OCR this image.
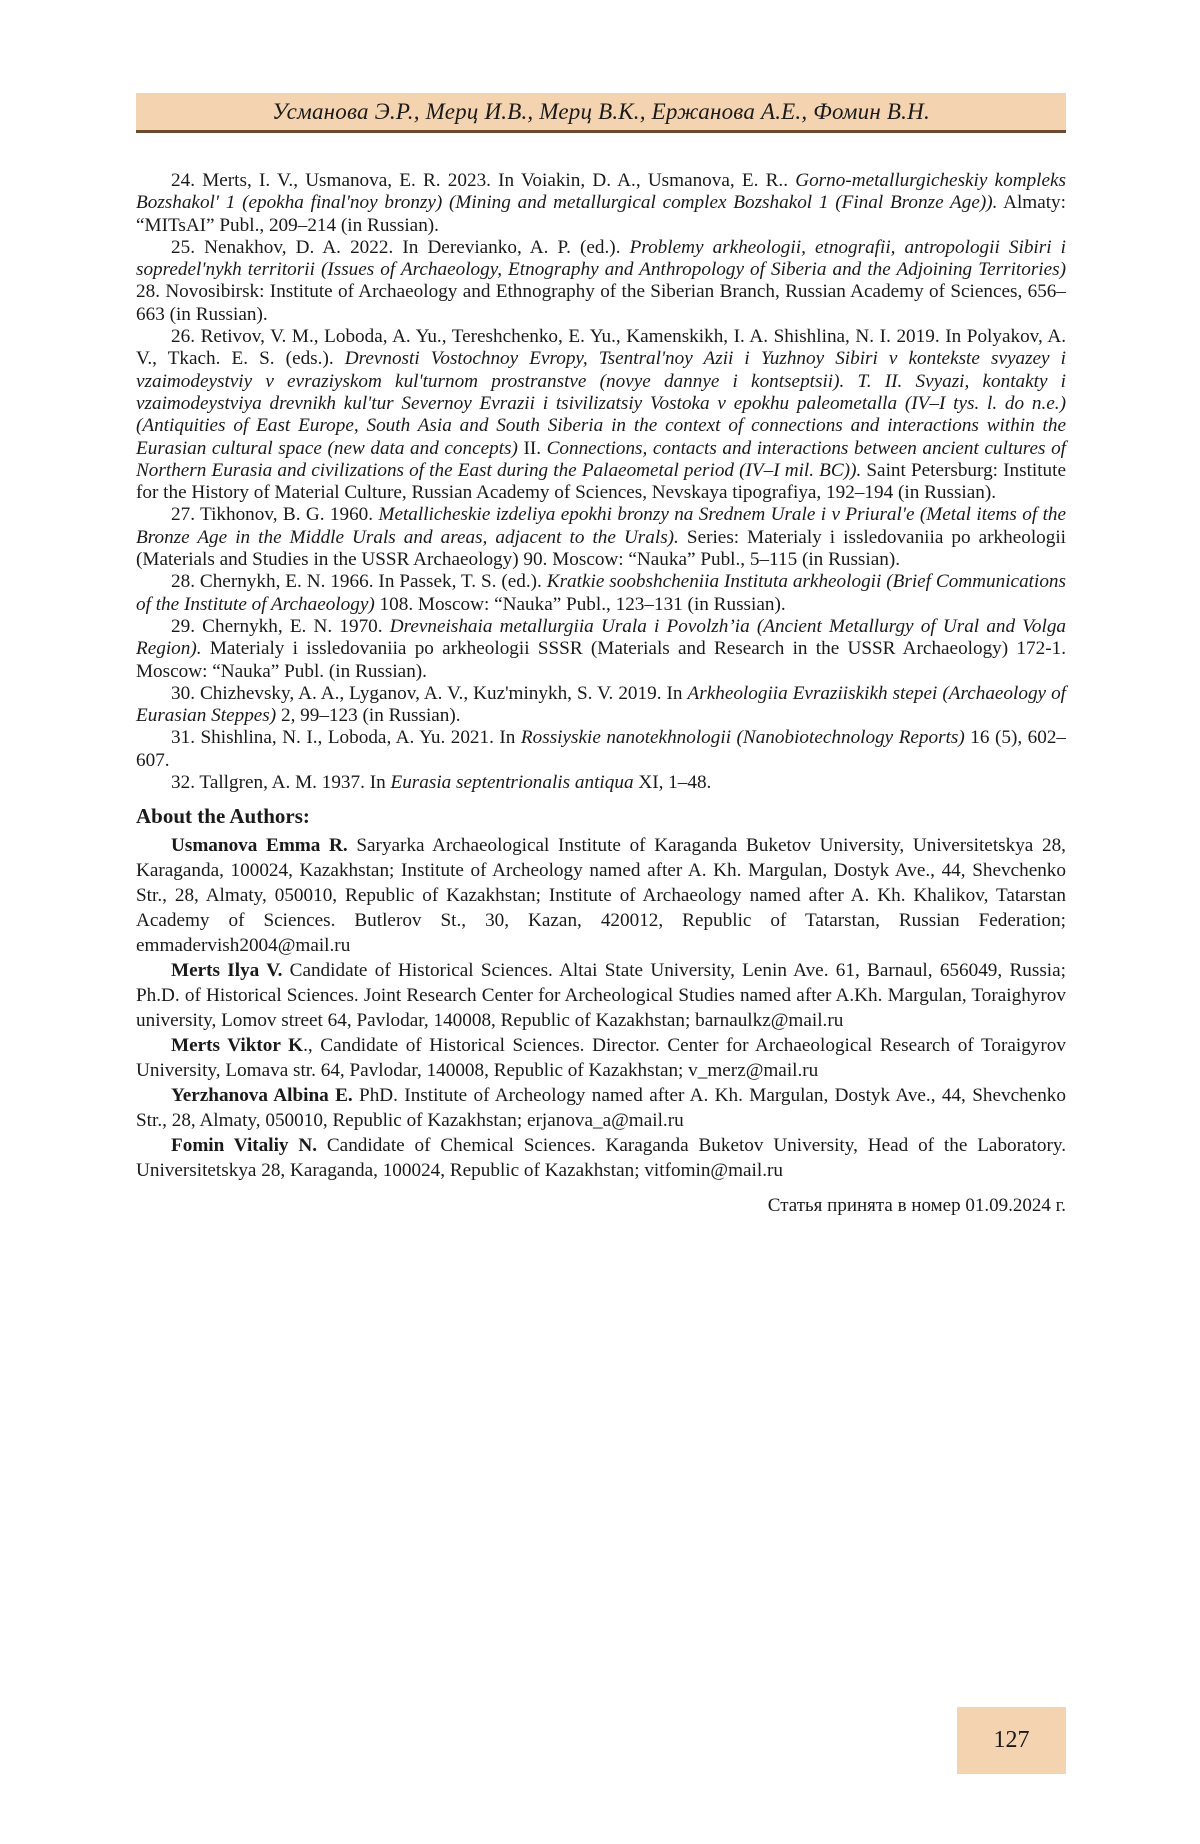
Усманова Э.Р., Мерц И.В., Мерц В.К., Ержанова А.Е., Фомин В.Н.

24. Merts, I. V., Usmanova, E. R. 2023. In Voiakin, D. A., Usmanova, E. R.. Gorno-metallurgicheskiy kompleks Bozshakol' 1 (epokha final'noy bronzy) (Mining and metallurgical complex Bozshakol 1 (Final Bronze Age)). Almaty: “MITsAI” Publ., 209–214 (in Russian).

25. Nenakhov, D. A. 2022. In Derevianko, A. P. (ed.). Problemy arkheologii, etnografii, antropologii Sibiri i sopredel'nykh territorii (Issues of Archaeology, Etnography and Anthropology of Siberia and the Adjoining Territories) 28. Novosibirsk: Institute of Archaeology and Ethnography of the Siberian Branch, Russian Academy of Sciences, 656–663 (in Russian).

26. Retivov, V. M., Loboda, A. Yu., Tereshchenko, E. Yu., Kamenskikh, I. A. Shishlina, N. I. 2019. In Polyakov, A. V., Tkach. E. S. (eds.). Drevnosti Vostochnoy Evropy, Tsentral'noy Azii i Yuzhnoy Sibiri v kontekste svyazey i vzaimodeystviy v evraziyskom kul'turnom prostranstve (novye dannye i kontseptsii). T. II. Svyazi, kontakty i vzaimodeystviya drevnikh kul'tur Severnoy Evrazii i tsivilizatsiy Vostoka v epokhu paleometalla (IV–I tys. l. do n.e.) (Antiquities of East Europe, South Asia and South Siberia in the context of connections and interactions within the Eurasian cultural space (new data and concepts) II. Connections, contacts and interactions between ancient cultures of Northern Eurasia and civilizations of the East during the Palaeometal period (IV–I mil. BC)). Saint Petersburg: Institute for the History of Material Culture, Russian Academy of Sciences, Nevskaya tipografiya, 192–194 (in Russian).

27. Tikhonov, B. G. 1960. Metallicheskie izdeliya epokhi bronzy na Srednem Urale i v Priural'e (Metal items of the Bronze Age in the Middle Urals and areas, adjacent to the Urals). Series: Materialy i issledovaniia po arkheologii (Materials and Studies in the USSR Archaeology) 90. Moscow: “Nauka” Publ., 5–115 (in Russian).

28. Chernykh, E. N. 1966. In Passek, T. S. (ed.). Kratkie soobshcheniia Instituta arkheologii (Brief Communications of the Institute of Archaeology) 108. Moscow: “Nauka” Publ., 123–131 (in Russian).

29. Chernykh, E. N. 1970. Drevneishaia metallurgiia Urala i Povolzh’ia (Ancient Metallurgy of Ural and Volga Region). Materialy i issledovaniia po arkheologii SSSR (Materials and Research in the USSR Archaeology) 172-1. Moscow: “Nauka” Publ. (in Russian).

30. Chizhevsky, A. A., Lyganov, A. V., Kuz'minykh, S. V. 2019. In Arkheologiia Evraziiskikh stepei (Archaeology of Eurasian Steppes) 2, 99–123 (in Russian).

31. Shishlina, N. I., Loboda, A. Yu. 2021. In Rossiyskie nanotekhnologii (Nanobiotechnology Reports) 16 (5), 602–607.

32. Tallgren, A. M. 1937. In Eurasia septentrionalis antiqua XI, 1–48.

About the Authors:

Usmanova Emma R. Saryarka Archaeological Institute of Karaganda Buketov University, Universitetskya 28, Karaganda, 100024, Kazakhstan; Institute of Archeology named after A. Kh. Margulan, Dostyk Ave., 44, Shevchenko Str., 28, Almaty, 050010, Republic of Kazakhstan; Institute of Archaeology named after A. Kh. Khalikov, Tatarstan Academy of Sciences. Butlerov St., 30, Kazan, 420012, Republic of Tatarstan, Russian Federation; emmadervish2004@mail.ru

Merts Ilya V. Candidate of Historical Sciences. Altai State University, Lenin Ave. 61, Barnaul, 656049, Russia; Ph.D. of Historical Sciences. Joint Research Center for Archeological Studies named after A.Kh. Margulan, Toraighyrov university, Lomov street 64, Pavlodar, 140008, Republic of Kazakhstan; barnaulkz@mail.ru

Merts Viktor K., Candidate of Historical Sciences. Director. Center for Archaeological Research of Toraigyrov University, Lomava str. 64, Pavlodar, 140008, Republic of Kazakhstan; v_merz@mail.ru

Yerzhanova Albina E. PhD. Institute of Archeology named after A. Kh. Margulan, Dostyk Ave., 44, Shevchenko Str., 28, Almaty, 050010, Republic of Kazakhstan; erjanova_a@mail.ru

Fomin Vitaliy N. Candidate of Chemical Sciences. Karaganda Buketov University, Head of the Laboratory. Universitetskya 28, Karaganda, 100024, Republic of Kazakhstan; vitfomin@mail.ru

Статья принята в номер 01.09.2024 г.
127
